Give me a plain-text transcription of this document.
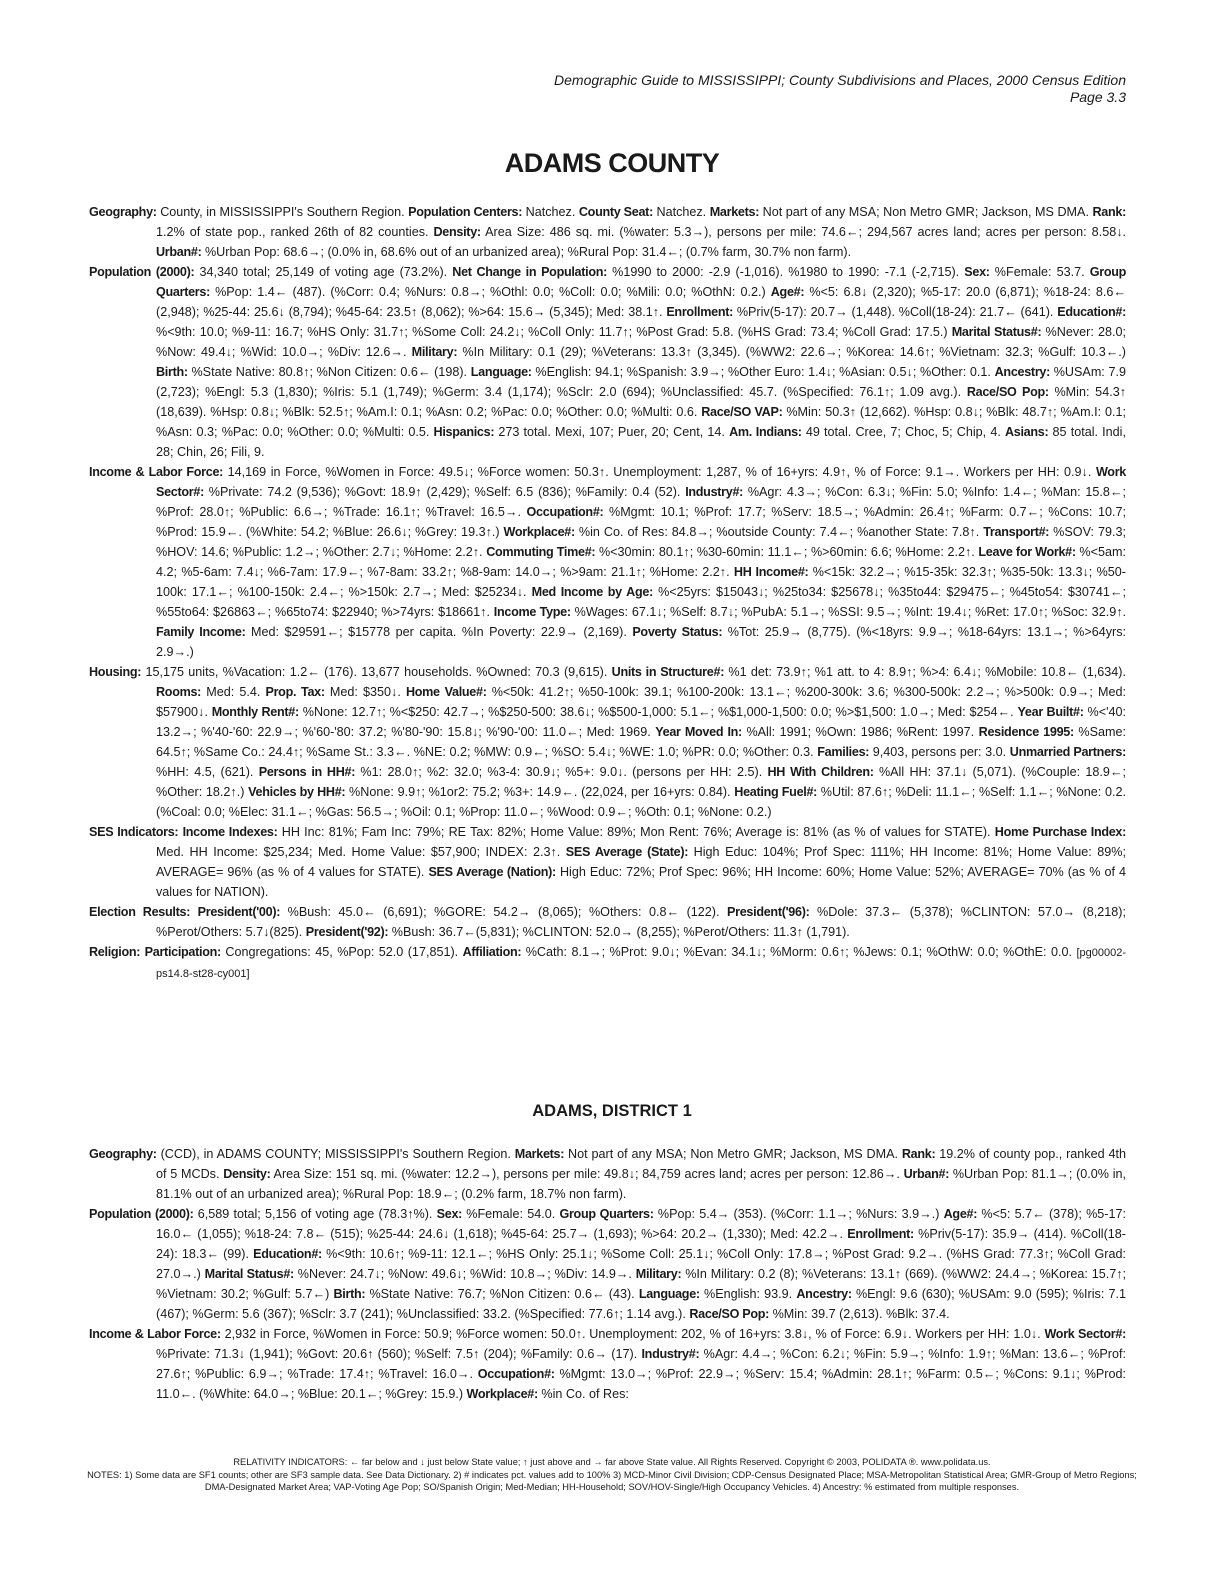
Demographic Guide to MISSISSIPPI; County Subdivisions and Places, 2000 Census Edition
Page 3.3
ADAMS COUNTY

Geography: County, in MISSISSIPPI's Southern Region. Population Centers: Natchez. County Seat: Natchez. Markets: Not part of any MSA; Non Metro GMR; Jackson, MS DMA. Rank: 1.2% of state pop., ranked 26th of 82 counties. Density: Area Size: 486 sq. mi. (%water: 5.3→), persons per mile: 74.6←; 294,567 acres land; acres per person: 8.58↓. Urban#: %Urban Pop: 68.6→; (0.0% in, 68.6% out of an urbanized area); %Rural Pop: 31.4←; (0.7% farm, 30.7% non farm).

Population (2000): 34,340 total; 25,149 of voting age (73.2%). Net Change in Population: %1990 to 2000: -2.9 (-1,016). %1980 to 1990: -7.1 (-2,715). Sex: %Female: 53.7. Group Quarters: %Pop: 1.4← (487). (%Corr: 0.4; %Nurs: 0.8→; %Othl: 0.0; %Coll: 0.0; %Mili: 0.0; %OthN: 0.2.) Age#: %<5: 6.8↓ (2,320); %5-17: 20.0 (6,871); %18-24: 8.6← (2,948); %25-44: 25.6↓ (8,794); %45-64: 23.5↑ (8,062); %>64: 15.6→ (5,345); Med: 38.1↑. Enrollment: %Priv(5-17): 20.7→ (1,448). %Coll(18-24): 21.7← (641). Education#: %<9th: 10.0; %9-11: 16.7; %HS Only: 31.7↑; %Some Coll: 24.2↓; %Coll Only: 11.7↑; %Post Grad: 5.8. (%HS Grad: 73.4; %Coll Grad: 17.5.) Marital Status#: %Never: 28.0; %Now: 49.4↓; %Wid: 10.0→; %Div: 12.6→. Military: %In Military: 0.1 (29); %Veterans: 13.3↑ (3,345). (%WW2: 22.6→; %Korea: 14.6↑; %Vietnam: 32.3; %Gulf: 10.3←.) Birth: %State Native: 80.8↑; %Non Citizen: 0.6← (198). Language: %English: 94.1; %Spanish: 3.9→; %Other Euro: 1.4↓; %Asian: 0.5↓; %Other: 0.1. Ancestry: %USAm: 7.9 (2,723); %Engl: 5.3 (1,830); %Iris: 5.1 (1,749); %Germ: 3.4 (1,174); %Sclr: 2.0 (694); %Unclassified: 45.7. (%Specified: 76.1↑; 1.09 avg.). Race/SO Pop: %Min: 54.3↑ (18,639). %Hsp: 0.8↓; %Blk: 52.5↑; %Am.I: 0.1; %Asn: 0.2; %Pac: 0.0; %Other: 0.0; %Multi: 0.6. Race/SO VAP: %Min: 50.3↑ (12,662). %Hsp: 0.8↓; %Blk: 48.7↑; %Am.I: 0.1; %Asn: 0.3; %Pac: 0.0; %Other: 0.0; %Multi: 0.5. Hispanics: 273 total. Mexi, 107; Puer, 20; Cent, 14. Am. Indians: 49 total. Cree, 7; Choc, 5; Chip, 4. Asians: 85 total. Indi, 28; Chin, 26; Fili, 9.

Income & Labor Force: 14,169 in Force, %Women in Force: 49.5↓; %Force women: 50.3↑. Unemployment: 1,287, % of 16+yrs: 4.9↑, % of Force: 9.1→. Workers per HH: 0.9↓. Work Sector#: %Private: 74.2 (9,536); %Govt: 18.9↑ (2,429); %Self: 6.5 (836); %Family: 0.4 (52). Industry#: %Agr: 4.3→; %Con: 6.3↓; %Fin: 5.0; %Info: 1.4←; %Man: 15.8←; %Prof: 28.0↑; %Public: 6.6→; %Trade: 16.1↑; %Travel: 16.5→. Occupation#: %Mgmt: 10.1; %Prof: 17.7; %Serv: 18.5→; %Admin: 26.4↑; %Farm: 0.7←; %Cons: 10.7; %Prod: 15.9←. (%White: 54.2; %Blue: 26.6↓; %Grey: 19.3↑.) Workplace#: %in Co. of Res: 84.8→; %outside County: 7.4←; %another State: 7.8↑. Transport#: %SOV: 79.3; %HOV: 14.6; %Public: 1.2→; %Other: 2.7↓; %Home: 2.2↑. Commuting Time#: %<30min: 80.1↑; %30-60min: 11.1←; %>60min: 6.6; %Home: 2.2↑. Leave for Work#: %<5am: 4.2; %5-6am: 7.4↓; %6-7am: 17.9←; %7-8am: 33.2↑; %8-9am: 14.0→; %>9am: 21.1↑; %Home: 2.2↑. HH Income#: %<15k: 32.2→; %15-35k: 32.3↑; %35-50k: 13.3↓; %50-100k: 17.1←; %100-150k: 2.4←; %>150k: 2.7→; Med: $25234↓. Med Income by Age: %<25yrs: $15043↓; %25to34: $25678↓; %35to44: $29475←; %45to54: $30741←; %55to64: $26863←; %65to74: $22940; %>74yrs: $18661↑. Income Type: %Wages: 67.1↓; %Self: 8.7↓; %PubA: 5.1→; %SSI: 9.5→; %Int: 19.4↓; %Ret: 17.0↑; %Soc: 32.9↑. Family Income: Med: $29591←; $15778 per capita. %In Poverty: 22.9→ (2,169). Poverty Status: %Tot: 25.9→ (8,775). (%<18yrs: 9.9→; %18-64yrs: 13.1→; %>64yrs: 2.9→.)

Housing: 15,175 units, %Vacation: 1.2← (176). 13,677 households. %Owned: 70.3 (9,615). Units in Structure#: %1 det: 73.9↑; %1 att. to 4: 8.9↑; %>4: 6.4↓; %Mobile: 10.8← (1,634). Rooms: Med: 5.4. Prop. Tax: Med: $350↓. Home Value#: %<50k: 41.2↑; %50-100k: 39.1; %100-200k: 13.1←; %200-300k: 3.6; %300-500k: 2.2→; %>500k: 0.9→; Med: $57900↓. Monthly Rent#: %None: 12.7↑; %<$250: 42.7→; %$250-500: 38.6↓; %$500-1,000: 5.1←; %$1,000-1,500: 0.0; %>$1,500: 1.0→; Med: $254←. Year Built#: %<'40: 13.2→; %'40-'60: 22.9→; %'60-'80: 37.2; %'80-'90: 15.8↓; %'90-'00: 11.0←; Med: 1969. Year Moved In: %All: 1991; %Own: 1986; %Rent: 1997. Residence 1995: %Same: 64.5↑; %Same Co.: 24.4↑; %Same St.: 3.3←. %NE: 0.2; %MW: 0.9←; %SO: 5.4↓; %WE: 1.0; %PR: 0.0; %Other: 0.3. Families: 9,403, persons per: 3.0. Unmarried Partners: %HH: 4.5, (621). Persons in HH#: %1: 28.0↑; %2: 32.0; %3-4: 30.9↓; %5+: 9.0↓. (persons per HH: 2.5). HH With Children: %All HH: 37.1↓ (5,071). (%Couple: 18.9←; %Other: 18.2↑.) Vehicles by HH#: %None: 9.9↑; %1or2: 75.2; %3+: 14.9←. (22,024, per 16+yrs: 0.84). Heating Fuel#: %Util: 87.6↑; %Deli: 11.1←; %Self: 1.1←; %None: 0.2. (%Coal: 0.0; %Elec: 31.1←; %Gas: 56.5→; %Oil: 0.1; %Prop: 11.0←; %Wood: 0.9←; %Oth: 0.1; %None: 0.2.)

SES Indicators: Income Indexes: HH Inc: 81%; Fam Inc: 79%; RE Tax: 82%; Home Value: 89%; Mon Rent: 76%; Average is: 81% (as % of values for STATE). Home Purchase Index: Med. HH Income: $25,234; Med. Home Value: $57,900; INDEX: 2.3↑. SES Average (State): High Educ: 104%; Prof Spec: 111%; HH Income: 81%; Home Value: 89%; AVERAGE= 96% (as % of 4 values for STATE). SES Average (Nation): High Educ: 72%; Prof Spec: 96%; HH Income: 60%; Home Value: 52%; AVERAGE= 70% (as % of 4 values for NATION).

Election Results: President('00): %Bush: 45.0← (6,691); %GORE: 54.2→ (8,065); %Others: 0.8← (122). President('96): %Dole: 37.3← (5,378); %CLINTON: 57.0→ (8,218); %Perot/Others: 5.7↓(825). President('92): %Bush: 36.7←(5,831); %CLINTON: 52.0→ (8,255); %Perot/Others: 11.3↑ (1,791).

Religion: Participation: Congregations: 45, %Pop: 52.0 (17,851). Affiliation: %Cath: 8.1→; %Prot: 9.0↓; %Evan: 34.1↓; %Morm: 0.6↑; %Jews: 0.1; %OthW: 0.0; %OthE: 0.0. [pg00002-ps14.8-st28-cy001]

ADAMS, DISTRICT 1

Geography: (CCD), in ADAMS COUNTY; MISSISSIPPI's Southern Region. Markets: Not part of any MSA; Non Metro GMR; Jackson, MS DMA. Rank: 19.2% of county pop., ranked 4th of 5 MCDs. Density: Area Size: 151 sq. mi. (%water: 12.2→), persons per mile: 49.8↓; 84,759 acres land; acres per person: 12.86→. Urban#: %Urban Pop: 81.1→; (0.0% in, 81.1% out of an urbanized area); %Rural Pop: 18.9←; (0.2% farm, 18.7% non farm).

Population (2000): 6,589 total; 5,156 of voting age (78.3↑%). Sex: %Female: 54.0. Group Quarters: %Pop: 5.4→ (353). (%Corr: 1.1→; %Nurs: 3.9→.) Age#: %<5: 5.7← (378); %5-17: 16.0← (1,055); %18-24: 7.8← (515); %25-44: 24.6↓ (1,618); %45-64: 25.7→ (1,693); %>64: 20.2→ (1,330); Med: 42.2→. Enrollment: %Priv(5-17): 35.9→ (414). %Coll(18-24): 18.3← (99). Education#: %<9th: 10.6↑; %9-11: 12.1←; %HS Only: 25.1↓; %Some Coll: 25.1↓; %Coll Only: 17.8→; %Post Grad: 9.2→. (%HS Grad: 77.3↑; %Coll Grad: 27.0→.) Marital Status#: %Never: 24.7↓; %Now: 49.6↓; %Wid: 10.8→; %Div: 14.9→. Military: %In Military: 0.2 (8); %Veterans: 13.1↑ (669). (%WW2: 24.4→; %Korea: 15.7↑; %Vietnam: 30.2; %Gulf: 5.7←) Birth: %State Native: 76.7; %Non Citizen: 0.6← (43). Language: %English: 93.9. Ancestry: %Engl: 9.6 (630); %USAm: 9.0 (595); %Iris: 7.1 (467); %Germ: 5.6 (367); %Sclr: 3.7 (241); %Unclassified: 33.2. (%Specified: 77.6↑; 1.14 avg.). Race/SO Pop: %Min: 39.7 (2,613). %Blk: 37.4.

Income & Labor Force: 2,932 in Force, %Women in Force: 50.9; %Force women: 50.0↑. Unemployment: 202, % of 16+yrs: 3.8↓, % of Force: 6.9↓. Workers per HH: 1.0↓. Work Sector#: %Private: 71.3↓ (1,941); %Govt: 20.6↑ (560); %Self: 7.5↑ (204); %Family: 0.6→ (17). Industry#: %Agr: 4.4→; %Con: 6.2↓; %Fin: 5.9→; %Info: 1.9↑; %Man: 13.6←; %Prof: 27.6↑; %Public: 6.9→; %Trade: 17.4↑; %Travel: 16.0→. Occupation#: %Mgmt: 13.0→; %Prof: 22.9→; %Serv: 15.4; %Admin: 28.1↑; %Farm: 0.5←; %Cons: 9.1↓; %Prod: 11.0←. (%White: 64.0→; %Blue: 20.1←; %Grey: 15.9.) Workplace#: %in Co. of Res:

RELATIVITY INDICATORS: ← far below and ↓ just below State value; ↑ just above and → far above State value. All Rights Reserved. Copyright © 2003, POLIDATA ®. www.polidata.us.
NOTES: 1) Some data are SF1 counts; other are SF3 sample data. See Data Dictionary. 2) # indicates pct. values add to 100% 3) MCD-Minor Civil Division; CDP-Census Designated Place; MSA-Metropolitan Statistical Area; GMR-Group of Metro Regions; DMA-Designated Market Area; VAP-Voting Age Pop; SO/Spanish Origin; Med-Median; HH-Household; SOV/HOV-Single/High Occupancy Vehicles. 4) Ancestry: % estimated from multiple responses.
